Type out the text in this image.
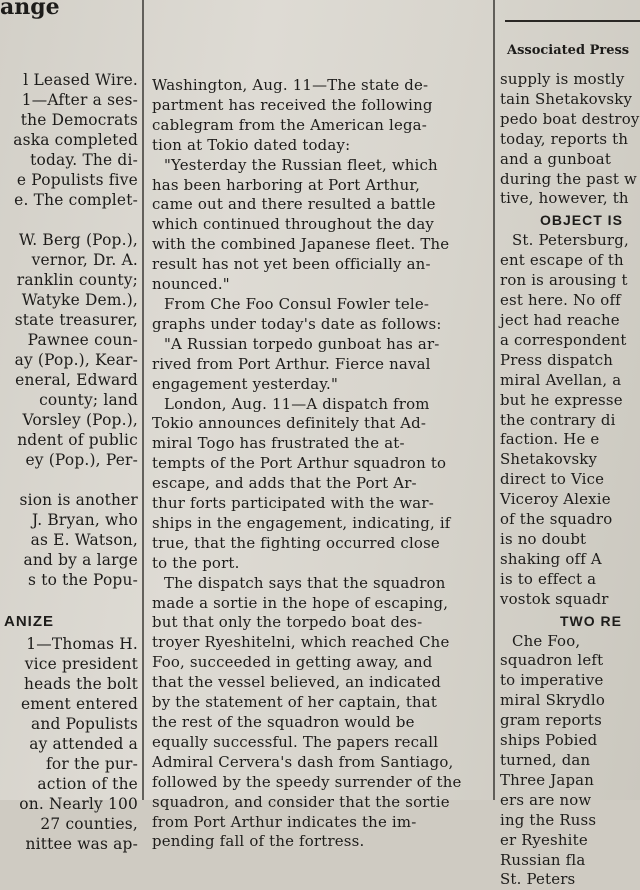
ange
Associated Press
l Leased Wire.
1—After a ses-
the Democrats
aska completed
today. The di-
e Populists five
e. The complet-

W. Berg (Pop.),
vernor, Dr. A.
ranklin county;
Watyke Dem.),
state treasurer,
Pawnee coun-
ay (Pop.), Kear-
eneral, Edward
county; land
Vorsley (Pop.),
ndent of public
ey (Pop.), Per-

sion is another
J. Bryan, who
as E. Watson,
and by a large
s to the Popu-

ANIZE
1—Thomas H.
vice president
heads the bolt
ement entered
and Populists
ay attended a
for the pur-
action of the
on. Nearly 100
27 counties,
nittee was ap-
Washington, Aug. 11—The state de-
partment has received the following
cablegram from the American lega-
tion at Tokio dated today:
"Yesterday the Russian fleet, which
has been harboring at Port Arthur,
came out and there resulted a battle
which continued throughout the day
with the combined Japanese fleet. The
result has not yet been officially an-
nounced."
From Che Foo Consul Fowler tele-
graphs under today's date as follows:
"A Russian torpedo gunboat has ar-
rived from Port Arthur. Fierce naval
engagement yesterday."
London, Aug. 11—A dispatch from
Tokio announces definitely that Ad-
miral Togo has frustrated the at-
tempts of the Port Arthur squadron to
escape, and adds that the Port Ar-
thur forts participated with the war-
ships in the engagement, indicating, if
true, that the fighting occurred close
to the port.
The dispatch says that the squadron
made a sortie in the hope of escaping,
but that only the torpedo boat des-
troyer Ryeshitelni, which reached Che
Foo, succeeded in getting away, and
that the vessel believed, an indicated
by the statement of her captain, that
the rest of the squadron would be
equally successful. The papers recall
Admiral Cervera's dash from Santiago,
followed by the speedy surrender of the
squadron, and consider that the sortie
from Port Arthur indicates the im-
pending fall of the fortress.
supply is mostly
tain Shetakovsky
pedo boat destroy
today, reports th
and a gunboat
during the past w
tive, however, th
OBJECT IS
St. Petersburg,
ent escape of th
ron is arousing t
est here. No off
ject had reache
a correspondent
Press dispatch
miral Avellan, a
but he expresse
the contrary di
faction. He e
Shetakovsky
direct to Vice
Viceroy Alexie
of the squadro
is no doubt
shaking off A
is to effect a
vostok squadr
TWO RE
Che Foo,
squadron left
to imperative
miral Skrydlo
gram reports
ships Pobied
turned, dan
Three Japan
ers are now
ing the Russ
er Ryeshite
Russian fla
St. Peters
